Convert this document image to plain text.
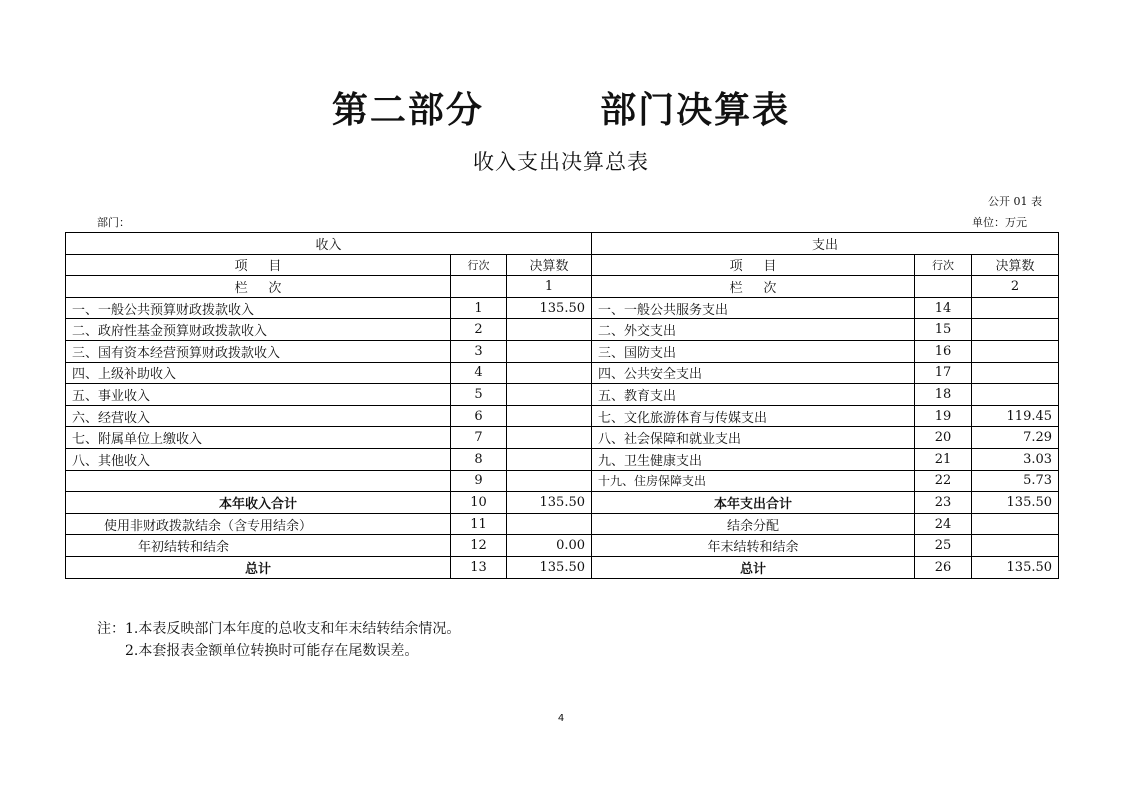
第二部分        部门决算表
收入支出决算总表
公开 01 表
部门：	单位：万元
收入			支出		
项     目	行次	决算数	项     目	行次	决算数
栏     次		1	栏     次		2
一、一般公共预算财政拨款收入	1	135.50	一、一般公共服务支出	14	
二、政府性基金预算财政拨款收入	2		二、外交支出	15	
三、国有资本经营预算财政拨款收入	3		三、国防支出	16	
四、上级补助收入	4		四、公共安全支出	17	
五、事业收入	5		五、教育支出	18	
六、经营收入	6		七、文化旅游体育与传媒支出	19	119.45
七、附属单位上缴收入	7		八、社会保障和就业支出	20	7.29
八、其他收入	8		九、卫生健康支出	21	3.03
	9		十九、住房保障支出	22	5.73
本年收入合计	10	135.50	本年支出合计	23	135.50
使用非财政拨款结余（含专用结余）	11		结余分配	24	
年初结转和结余	12	0.00	年末结转和结余	25	
总计	13	135.50	总计	26	135.50
注：1.本表反映部门本年度的总收支和年末结转结余情况。
2.本套报表金额单位转换时可能存在尾数误差。
4
